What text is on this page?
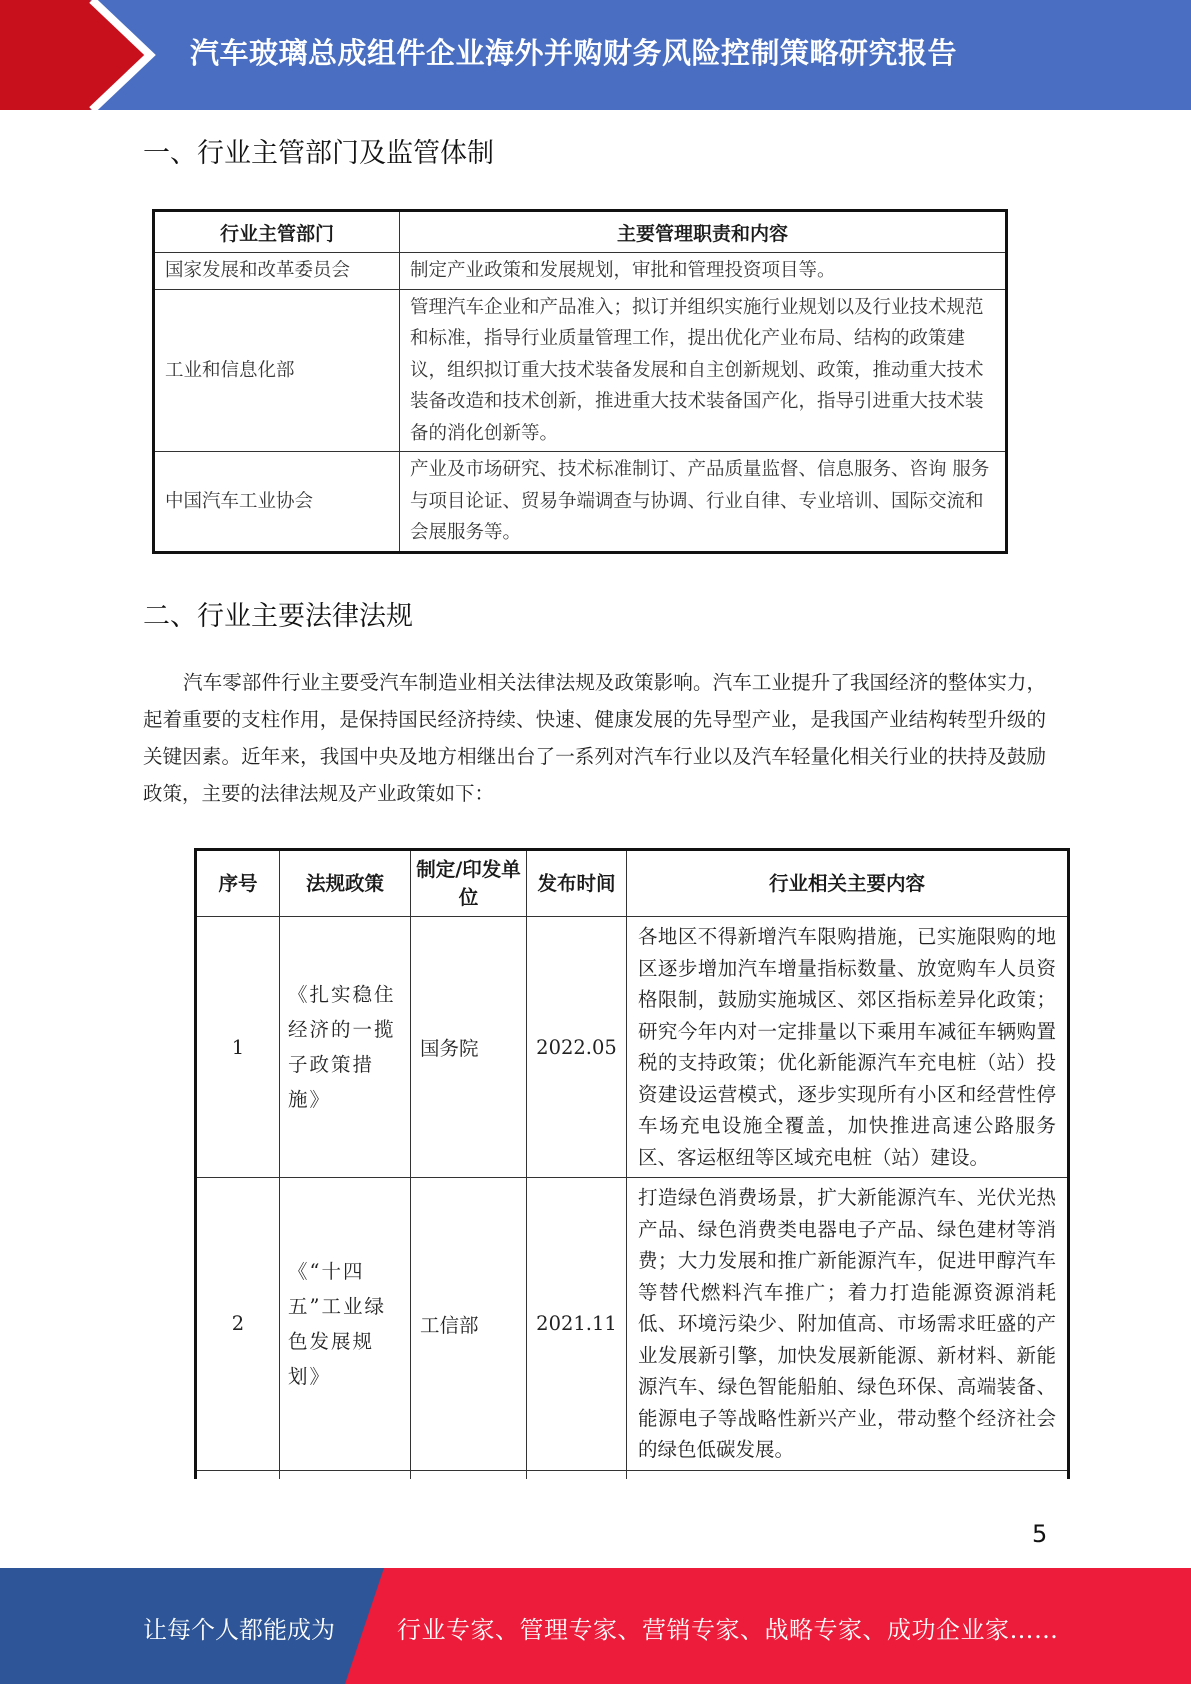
汽车玻璃总成组件企业海外并购财务风险控制策略研究报告
一、行业主管部门及监管体制
行业主管部门	主要管理职责和内容
国家发展和改革委员会	制定产业政策和发展规划，审批和管理投资项目等。
工业和信息化部	管理汽车企业和产品准入；拟订并组织实施行业规划以及行业技术规范和标准，指导行业质量管理工作，提出优化产业布局、结构的政策建议，组织拟订重大技术装备发展和自主创新规划、政策，推动重大技术装备改造和技术创新，推进重大技术装备国产化，指导引进重大技术装备的消化创新等。
中国汽车工业协会	产业及市场研究、技术标准制订、产品质量监督、信息服务、咨询 服务与项目论证、贸易争端调查与协调、行业自律、专业培训、国际交流和会展服务等。
二、行业主要法律法规

汽车零部件行业主要受汽车制造业相关法律法规及政策影响。汽车工业提升了我国经济的整体实力，起着重要的支柱作用，是保持国民经济持续、快速、健康发展的先导型产业，是我国产业结构转型升级的关键因素。近年来，我国中央及地方相继出台了一系列对汽车行业以及汽车轻量化相关行业的扶持及鼓励政策，主要的法律法规及产业政策如下：

序号	法规政策	制定/印发单位	发布时间	行业相关主要内容
1	《扎实稳住经济的一揽子政策措施》	国务院	2022.05	各地区不得新增汽车限购措施，已实施限购的地区逐步增加汽车增量指标数量、放宽购车人员资格限制，鼓励实施城区、郊区指标差异化政策；研究今年内对一定排量以下乘用车减征车辆购置税的支持政策；优化新能源汽车充电桩（站）投资建设运营模式，逐步实现所有小区和经营性停车场充电设施全覆盖，加快推进高速公路服务区、客运枢纽等区域充电桩（站）建设。
2	《“十四五”工业绿色发展规划》	工信部	2021.11	打造绿色消费场景，扩大新能源汽车、光伏光热产品、绿色消费类电器电子产品、绿色建材等消费；大力发展和推广新能源汽车，促进甲醇汽车等替代燃料汽车推广；着力打造能源资源消耗低、环境污染少、附加值高、市场需求旺盛的产业发展新引擎，加快发展新能源、新材料、新能源汽车、绿色智能船舶、绿色环保、高端装备、能源电子等战略性新兴产业，带动整个经济社会的绿色低碳发展。

5
让每个人都能成为	行业专家、管理专家、营销专家、战略专家、成功企业家……
